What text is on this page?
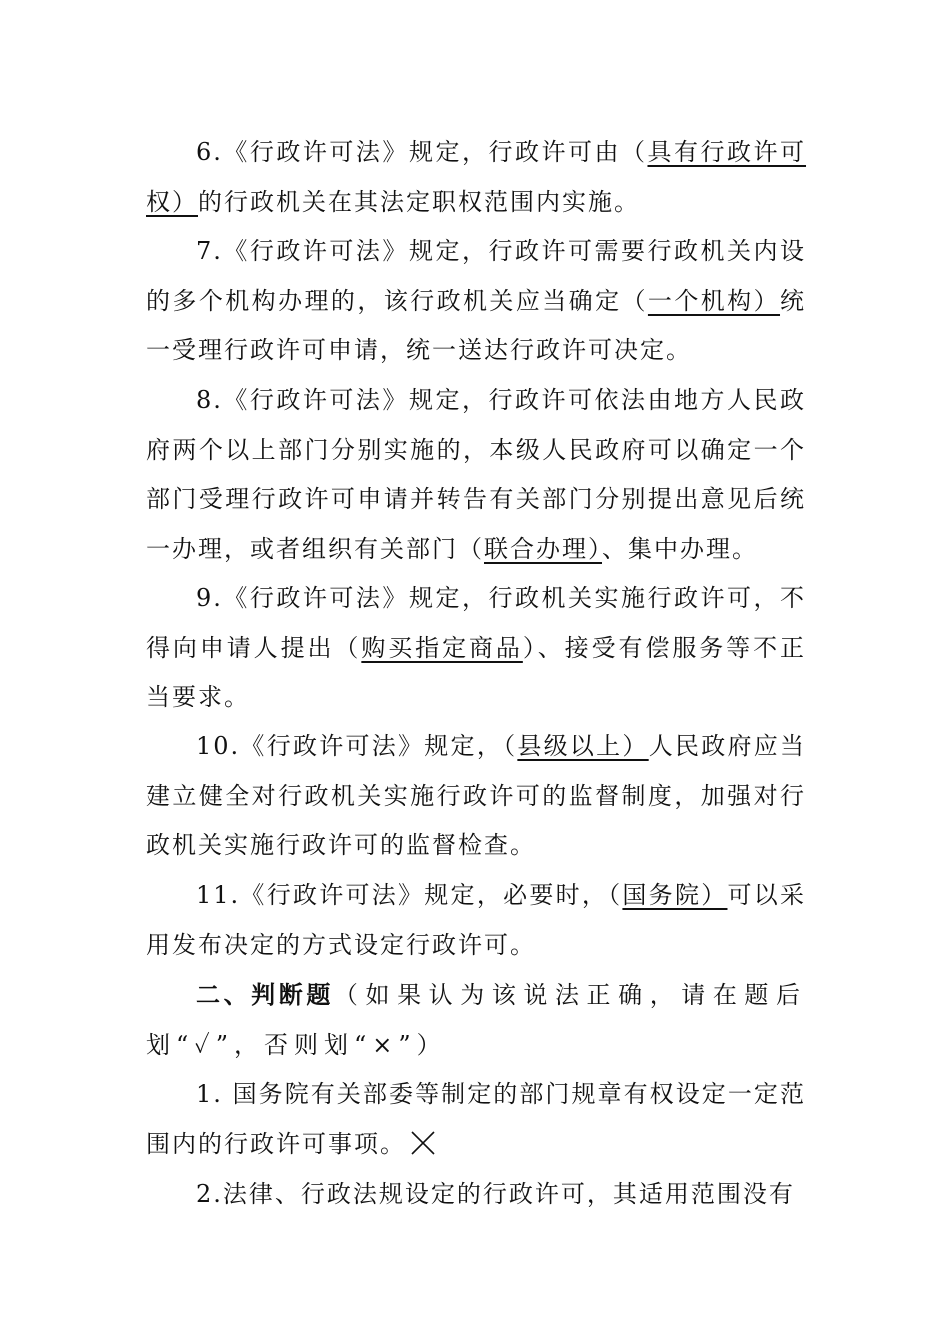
6.《行政许可法》规定，行政许可由（具有行政许可权）的行政机关在其法定职权范围内实施。

7.《行政许可法》规定，行政许可需要行政机关内设的多个机构办理的，该行政机关应当确定（一个机构）统一受理行政许可申请，统一送达行政许可决定。

8.《行政许可法》规定，行政许可依法由地方人民政府两个以上部门分别实施的，本级人民政府可以确定一个部门受理行政许可申请并转告有关部门分别提出意见后统一办理，或者组织有关部门（联合办理）、集中办理。

9.《行政许可法》规定，行政机关实施行政许可，不得向申请人提出（购买指定商品）、接受有偿服务等不正当要求。

10.《行政许可法》规定，（县级以上）人民政府应当建立健全对行政机关实施行政许可的监督制度，加强对行政机关实施行政许可的监督检查。

11.《行政许可法》规定，必要时，（国务院）可以采用发布决定的方式设定行政许可。

二、判断题（如果认为该说法正确，请在题后划“✓”，否则划“×”）

1. 国务院有关部委等制定的部门规章有权设定一定范围内的行政许可事项。

2.法律、行政法规设定的行政许可，其适用范围没有
